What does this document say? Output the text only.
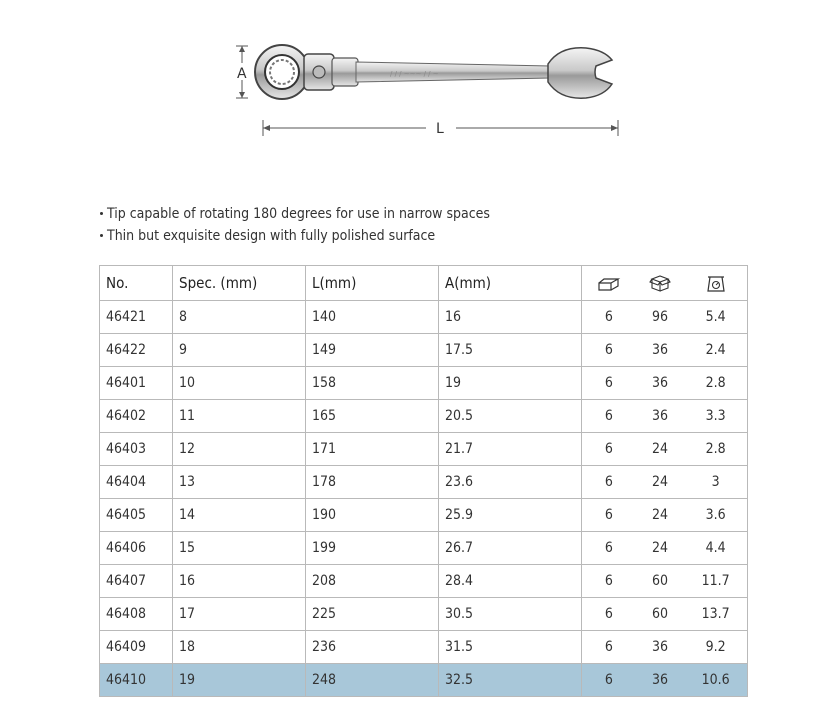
A	/ / / ~~~ / / ~
L
Tip capable of rotating 180 degrees for use in narrow spaces
Thin but exquisite design with fully polished surface
No.	Spec. (mm)	L(mm)	A(mm)			
46421	8	140	16	6	96	5.4
46422	9	149	17.5	6	36	2.4
46401	10	158	19	6	36	2.8
46402	11	165	20.5	6	36	3.3
46403	12	171	21.7	6	24	2.8
46404	13	178	23.6	6	24	3
46405	14	190	25.9	6	24	3.6
46406	15	199	26.7	6	24	4.4
46407	16	208	28.4	6	60	11.7
46408	17	225	30.5	6	60	13.7
46409	18	236	31.5	6	36	9.2
46410	19	248	32.5	6	36	10.6
